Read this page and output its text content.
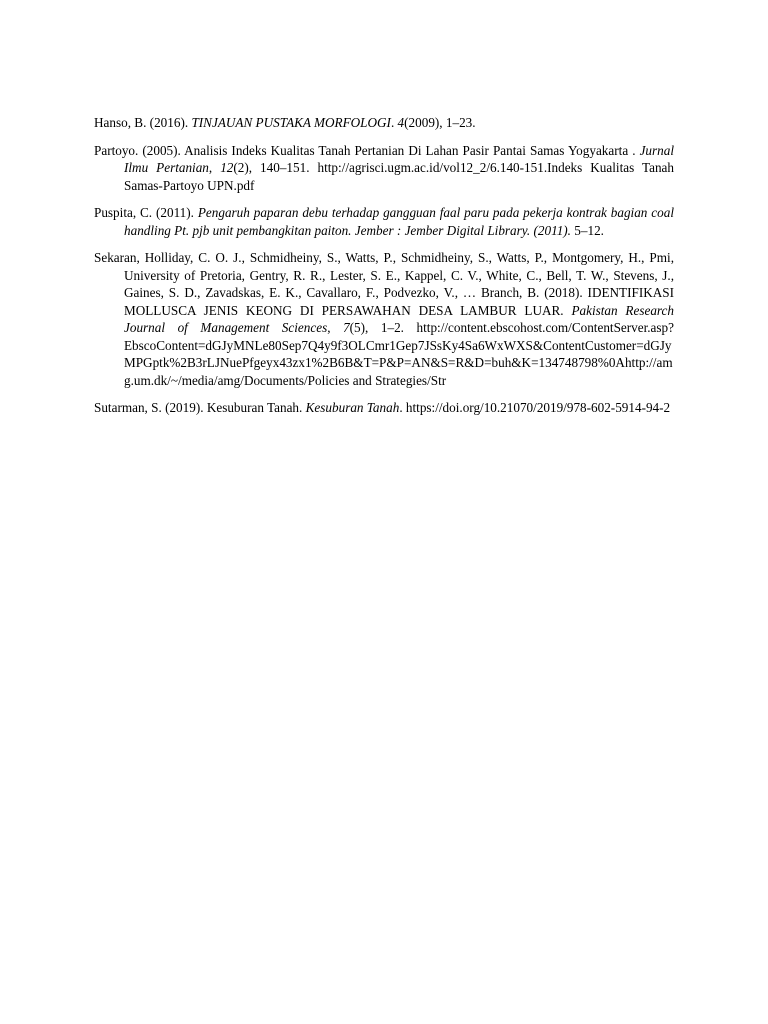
Hanso, B. (2016). TINJAUAN PUSTAKA MORFOLOGI. 4(2009), 1–23.

Partoyo. (2005). Analisis Indeks Kualitas Tanah Pertanian Di Lahan Pasir Pantai Samas Yogyakarta . Jurnal Ilmu Pertanian, 12(2), 140–151. http://agrisci.ugm.ac.id/vol12_2/6.140-151.Indeks Kualitas Tanah Samas-Partoyo UPN.pdf

Puspita, C. (2011). Pengaruh paparan debu terhadap gangguan faal paru pada pekerja kontrak bagian coal handling Pt. pjb unit pembangkitan paiton. Jember : Jember Digital Library. (2011). 5–12.

Sekaran, Holliday, C. O. J., Schmidheiny, S., Watts, P., Schmidheiny, S., Watts, P., Montgomery, H., Pmi, University of Pretoria, Gentry, R. R., Lester, S. E., Kappel, C. V., White, C., Bell, T. W., Stevens, J., Gaines, S. D., Zavadskas, E. K., Cavallaro, F., Podvezko, V., … Branch, B. (2018). IDENTIFIKASI MOLLUSCA JENIS KEONG DI PERSAWAHAN DESA LAMBUR LUAR. Pakistan Research Journal of Management Sciences, 7(5), 1–2. http://content.ebscohost.com/ContentServer.asp?EbscoContent=dGJyMNLe80Sep7Q4y9f3OLCmr1Gep7JSsKy4Sa6WxWXS&ContentCustomer=dGJyMPGptk%2B3rLJNuePfgeyx43zx1%2B6B&T=P&P=AN&S=R&D=buh&K=134748798%0Ahttp://amg.um.dk/~/media/amg/Documents/Policies and Strategies/Str

Sutarman, S. (2019). Kesuburan Tanah. Kesuburan Tanah. https://doi.org/10.21070/2019/978-602-5914-94-2
